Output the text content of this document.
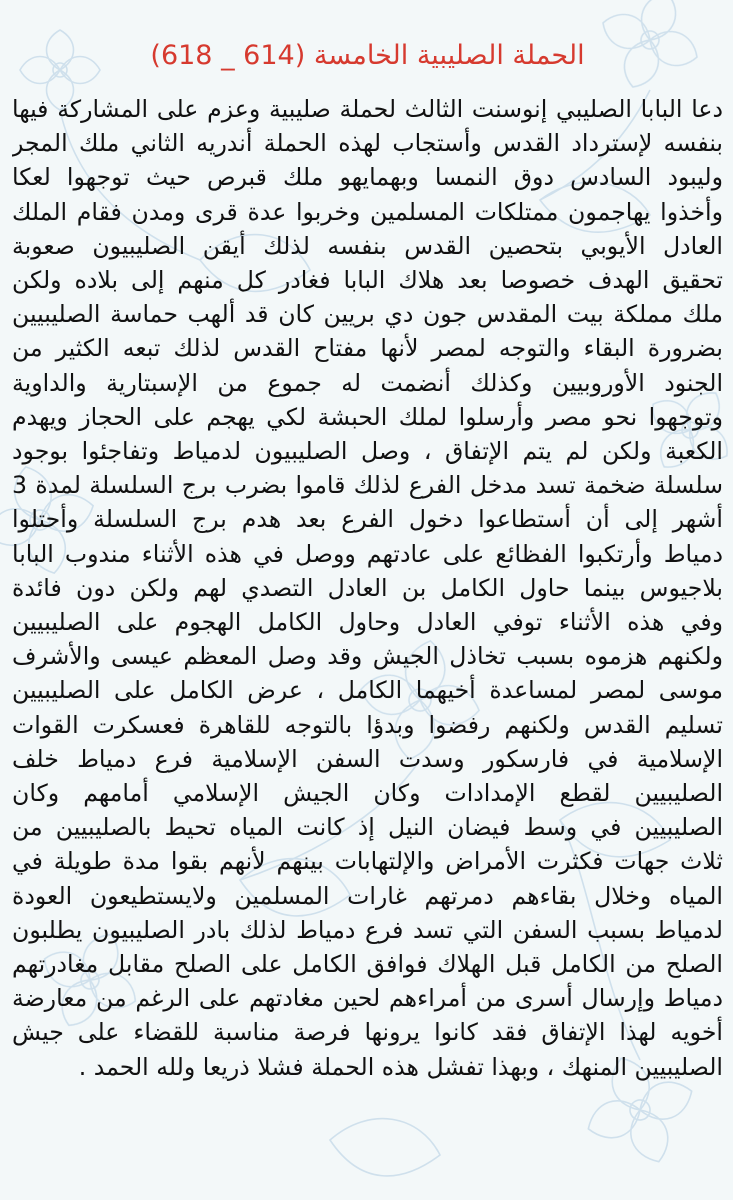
الحملة الصليبية الخامسة (614 _ 618)

دعا البابا الصليبي إنوسنت الثالث لحملة صليبية وعزم على المشاركة فيها
بنفسه لإسترداد القدس وأستجاب لهذه الحملة أندريه الثاني ملك المجر
وليبود السادس دوق النمسا وبهمايهو ملك قبرص حيث توجهوا لعكا
وأخذوا يهاجمون ممتلكات المسلمين وخربوا عدة قرى ومدن فقام الملك
العادل الأيوبي بتحصين القدس بنفسه لذلك أيقن الصليبيون صعوبة
تحقيق الهدف خصوصا بعد هلاك البابا فغادر كل منهم إلى بلاده ولكن
ملك مملكة بيت المقدس جون دي بريين كان قد ألهب حماسة الصليبيين
بضرورة البقاء والتوجه لمصر لأنها مفتاح القدس لذلك تبعه الكثير من
الجنود الأوروبيين وكذلك أنضمت له جموع من الإسبتارية والداوية
وتوجهوا نحو مصر وأرسلوا لملك الحبشة لكي يهجم على الحجاز ويهدم
الكعبة ولكن لم يتم الإتفاق ، وصل الصليبيون لدمياط وتفاجئوا بوجود
سلسلة ضخمة تسد مدخل الفرع لذلك قاموا بضرب برج السلسلة لمدة 3
أشهر إلى أن أستطاعوا دخول الفرع بعد هدم برج السلسلة وأحتلوا
دمياط وأرتكبوا الفظائع على عادتهم ووصل في هذه الأثناء مندوب البابا
بلاجيوس بينما حاول الكامل بن العادل التصدي لهم ولكن دون فائدة
وفي هذه الأثناء توفي العادل وحاول الكامل الهجوم على الصليبيين
ولكنهم هزموه بسبب تخاذل الجيش وقد وصل المعظم عيسى والأشرف
موسى لمصر لمساعدة أخيهما الكامل ، عرض الكامل على الصليبيين
تسليم القدس ولكنهم رفضوا وبدؤا بالتوجه للقاهرة فعسكرت القوات
الإسلامية في فارسكور وسدت السفن الإسلامية فرع دمياط خلف
الصليبيين لقطع الإمدادات وكان الجيش الإسلامي أمامهم وكان
الصليبيين في وسط فيضان النيل إذ كانت المياه تحيط بالصليبيين من
ثلاث جهات فكثرت الأمراض والإلتهابات بينهم لأنهم بقوا مدة طويلة في
المياه وخلال بقاءهم دمرتهم غارات المسلمين ولايستطيعون العودة
لدمياط بسبب السفن التي تسد فرع دمياط لذلك بادر الصليبيون يطلبون
الصلح من الكامل قبل الهلاك فوافق الكامل على الصلح مقابل مغادرتهم
دمياط وإرسال أسرى من أمراءهم لحين مغادتهم على الرغم من معارضة
أخويه لهذا الإتفاق فقد كانوا يرونها فرصة مناسبة للقضاء على جيش
الصليبيين المنهك ، وبهذا تفشل هذه الحملة فشلا ذريعا ولله الحمد .
